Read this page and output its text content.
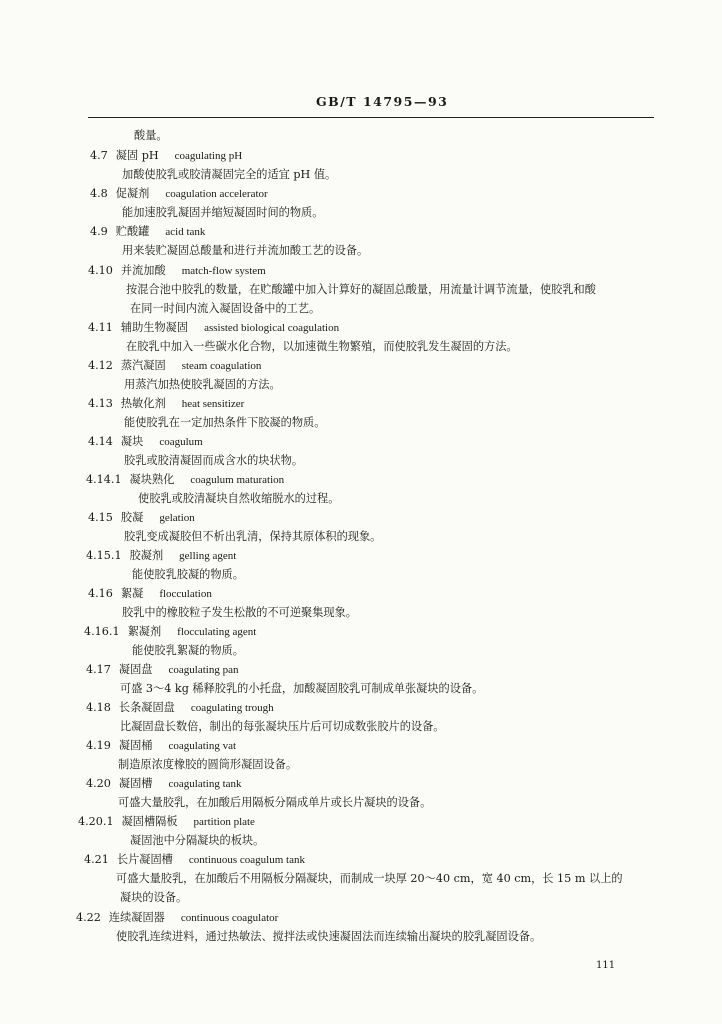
GB/T 14795—93
酸量。
4.7 凝固 pH coagulating pH
加酸使胶乳或胶清凝固完全的适宜 pH 值。
4.8 促凝剂 coagulation accelerator
能加速胶乳凝固并缩短凝固时间的物质。
4.9 贮酸罐 acid tank
用来装贮凝固总酸量和进行并流加酸工艺的设备。
4.10 并流加酸 match-flow system
按混合池中胶乳的数量，在贮酸罐中加入计算好的凝固总酸量，用流量计调节流量，使胶乳和酸
在同一时间内流入凝固设备中的工艺。
4.11 辅助生物凝固 assisted biological coagulation
在胶乳中加入一些碳水化合物，以加速微生物繁殖，而使胶乳发生凝固的方法。
4.12 蒸汽凝固 steam coagulation
用蒸汽加热使胶乳凝固的方法。
4.13 热敏化剂 heat sensitizer
能使胶乳在一定加热条件下胶凝的物质。
4.14 凝块 coagulum
胶乳或胶清凝固而成含水的块状物。
4.14.1 凝块熟化 coagulum maturation
使胶乳或胶清凝块自然收缩脱水的过程。
4.15 胶凝 gelation
胶乳变成凝胶但不析出乳清，保持其原体积的现象。
4.15.1 胶凝剂 gelling agent
能使胶乳胶凝的物质。
4.16 絮凝 flocculation
胶乳中的橡胶粒子发生松散的不可逆聚集现象。
4.16.1 絮凝剂 flocculating agent
能使胶乳絮凝的物质。
4.17 凝固盘 coagulating pan
可盛 3～4 kg 稀释胶乳的小托盘，加酸凝固胶乳可制成单张凝块的设备。
4.18 长条凝固盘 coagulating trough
比凝固盘长数倍，制出的每张凝块压片后可切成数张胶片的设备。
4.19 凝固桶 coagulating vat
制造原浓度橡胶的圆筒形凝固设备。
4.20 凝固槽 coagulating tank
可盛大量胶乳，在加酸后用隔板分隔成单片或长片凝块的设备。
4.20.1 凝固槽隔板 partition plate
凝固池中分隔凝块的板块。
4.21 长片凝固槽 continuous coagulum tank
可盛大量胶乳，在加酸后不用隔板分隔凝块，而制成一块厚 20～40 cm，宽 40 cm，长 15 m 以上的
凝块的设备。
4.22 连续凝固器 continuous coagulator
使胶乳连续进料，通过热敏法、搅拌法或快速凝固法而连续输出凝块的胶乳凝固设备。
111
